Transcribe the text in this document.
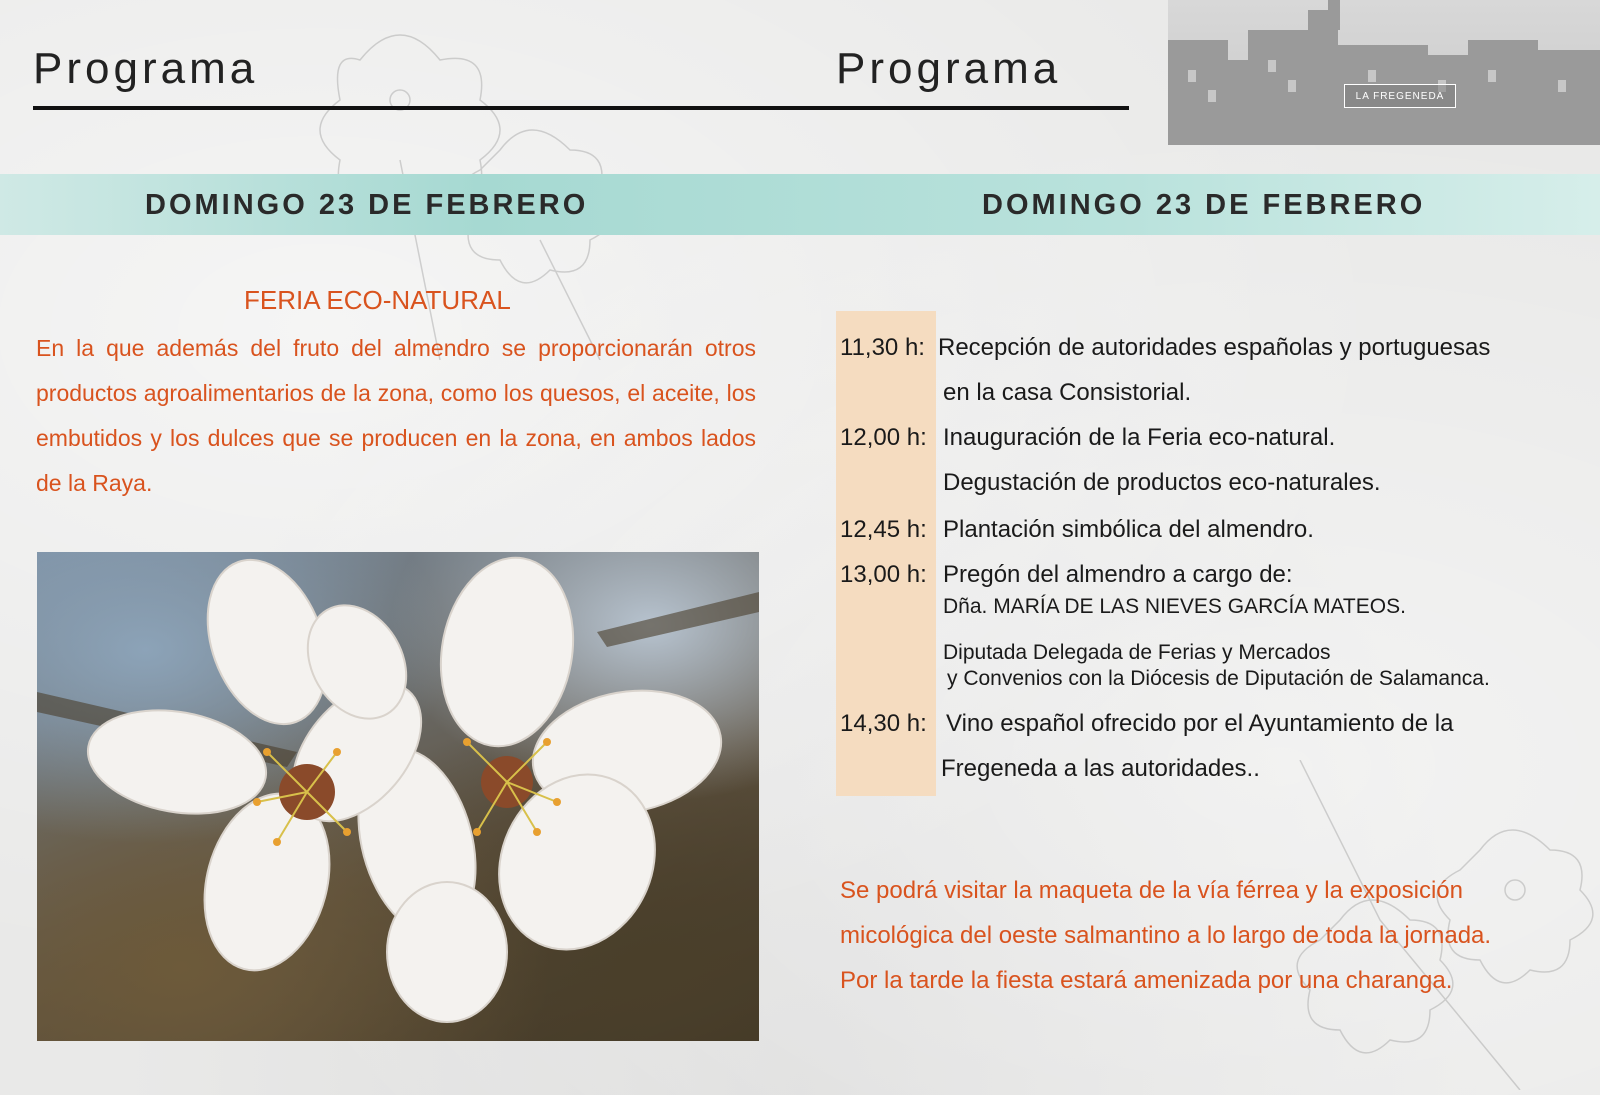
Programa	Programa
LA FREGENEDA
DOMINGO 23 DE FEBRERO	DOMINGO 23 DE FEBRERO
FERIA ECO-NATURAL
En la que además del fruto del almendro se proporcionarán otros productos agroalimentarios de la zona, como los quesos, el aceite, los embutidos y los dulces que se producen en la zona, en ambos lados de la Raya.
11,30 h: Recepción de autoridades españolas y portuguesas
en la casa Consistorial.
12,00 h: Inauguración de la Feria eco-natural.
Degustación de productos eco-naturales.
12,45 h: Plantación simbólica del almendro.
13,00 h: Pregón del almendro a cargo de:
Dña. MARÍA DE LAS NIEVES GARCÍA MATEOS.
Diputada Delegada de Ferias y Mercados
y Convenios con la Diócesis de Diputación de Salamanca.
14,30 h: Vino español ofrecido por el Ayuntamiento de la
Fregeneda a las autoridades..
Se podrá visitar la maqueta de la vía férrea y la exposición
micológica del oeste salmantino a lo largo de toda la jornada.
Por la tarde la fiesta estará amenizada por una charanga.
